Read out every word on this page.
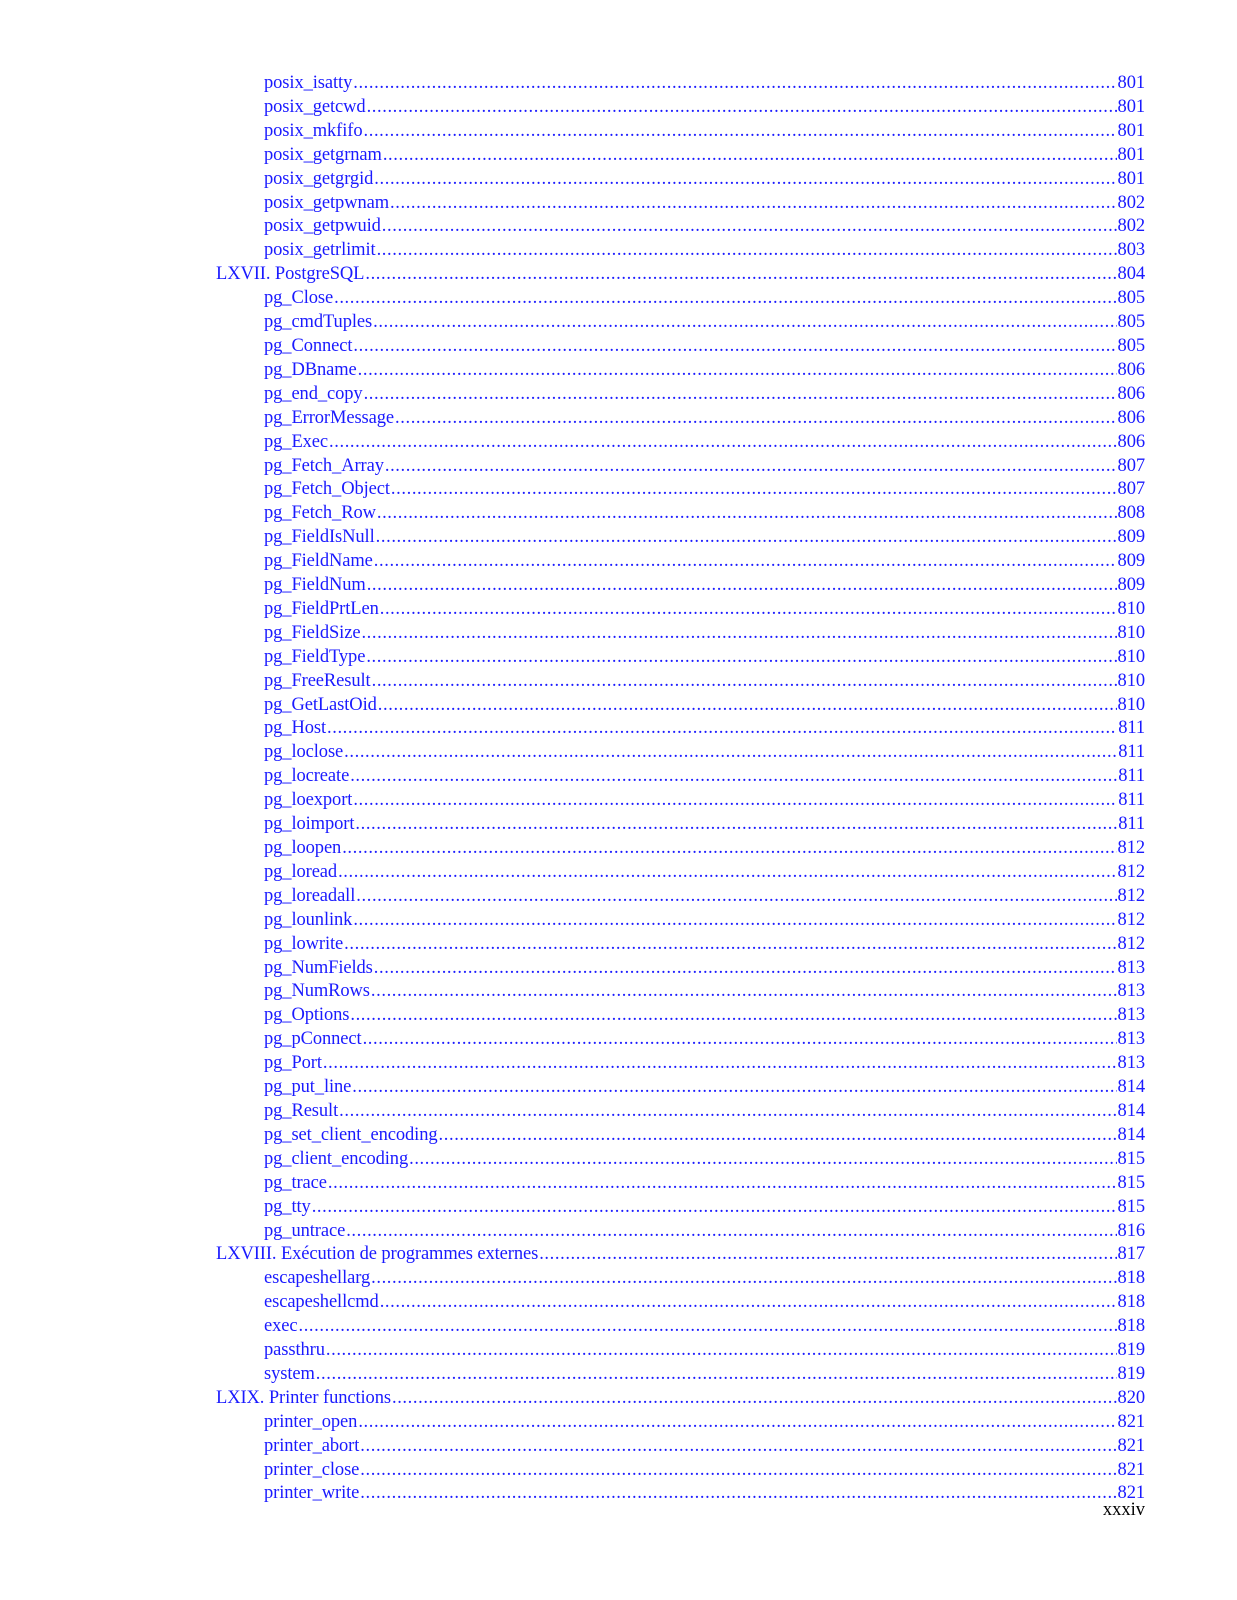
posix_isatty .....	801
posix_getcwd .....	801
posix_mkfifo .....	801
posix_getgrnam .....	801
posix_getgrgid .....	801
posix_getpwnam .....	802
posix_getpwuid .....	802
posix_getrlimit .....	803
LXVII. PostgreSQL .....	804
pg_Close .....	805
pg_cmdTuples .....	805
pg_Connect .....	805
pg_DBname .....	806
pg_end_copy .....	806
pg_ErrorMessage .....	806
pg_Exec .....	806
pg_Fetch_Array .....	807
pg_Fetch_Object .....	807
pg_Fetch_Row .....	808
pg_FieldIsNull .....	809
pg_FieldName .....	809
pg_FieldNum .....	809
pg_FieldPrtLen .....	810
pg_FieldSize .....	810
pg_FieldType .....	810
pg_FreeResult .....	810
pg_GetLastOid .....	810
pg_Host .....	811
pg_loclose .....	811
pg_locreate .....	811
pg_loexport .....	811
pg_loimport .....	811
pg_loopen .....	812
pg_loread .....	812
pg_loreadall .....	812
pg_lounlink .....	812
pg_lowrite .....	812
pg_NumFields .....	813
pg_NumRows .....	813
pg_Options .....	813
pg_pConnect .....	813
pg_Port .....	813
pg_put_line .....	814
pg_Result .....	814
pg_set_client_encoding .....	814
pg_client_encoding .....	815
pg_trace .....	815
pg_tty .....	815
pg_untrace .....	816
LXVIII. Exécution de programmes externes .....	817
escapeshellarg .....	818
escapeshellcmd .....	818
exec .....	818
passthru .....	819
system .....	819
LXIX. Printer functions .....	820
printer_open .....	821
printer_abort .....	821
printer_close .....	821
printer_write .....	821
xxxiv
